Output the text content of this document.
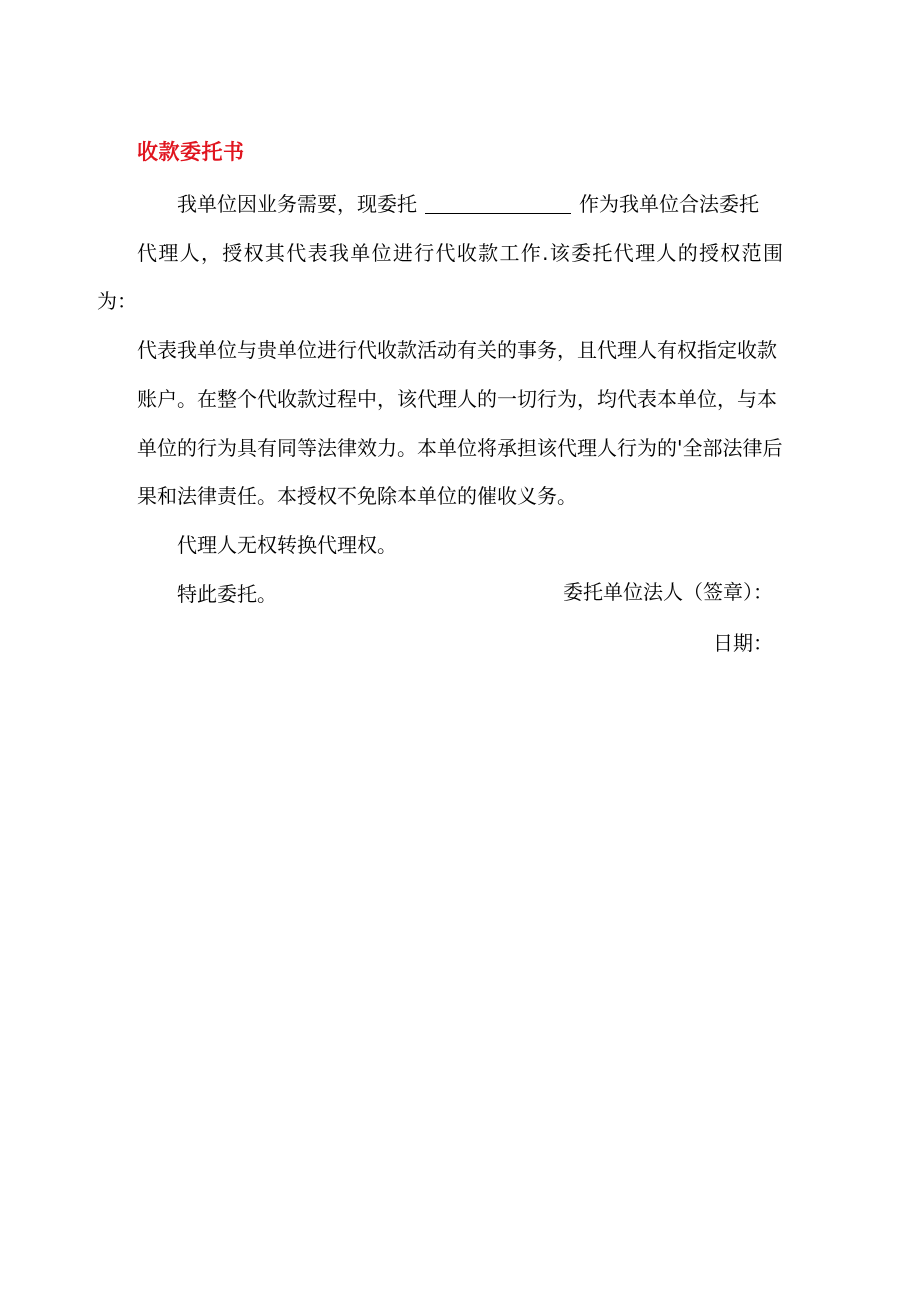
收款委托书
我单位因业务需要，现委托	作为我单位合法委托
代理人，授权其代表我单位进行代收款工作.该委托代理人的授权范围为：
代表我单位与贵单位进行代收款活动有关的事务，且代理人有权指定收款
账户。在整个代收款过程中，该代理人的一切行为，均代表本单位，与本
单位的行为具有同等法律效力。本单位将承担该代理人行为的'全部法律后
果和法律责任。本授权不免除本单位的催收义务。
代理人无权转换代理权。
特此委托。	委托单位法人（签章）：
日期：
